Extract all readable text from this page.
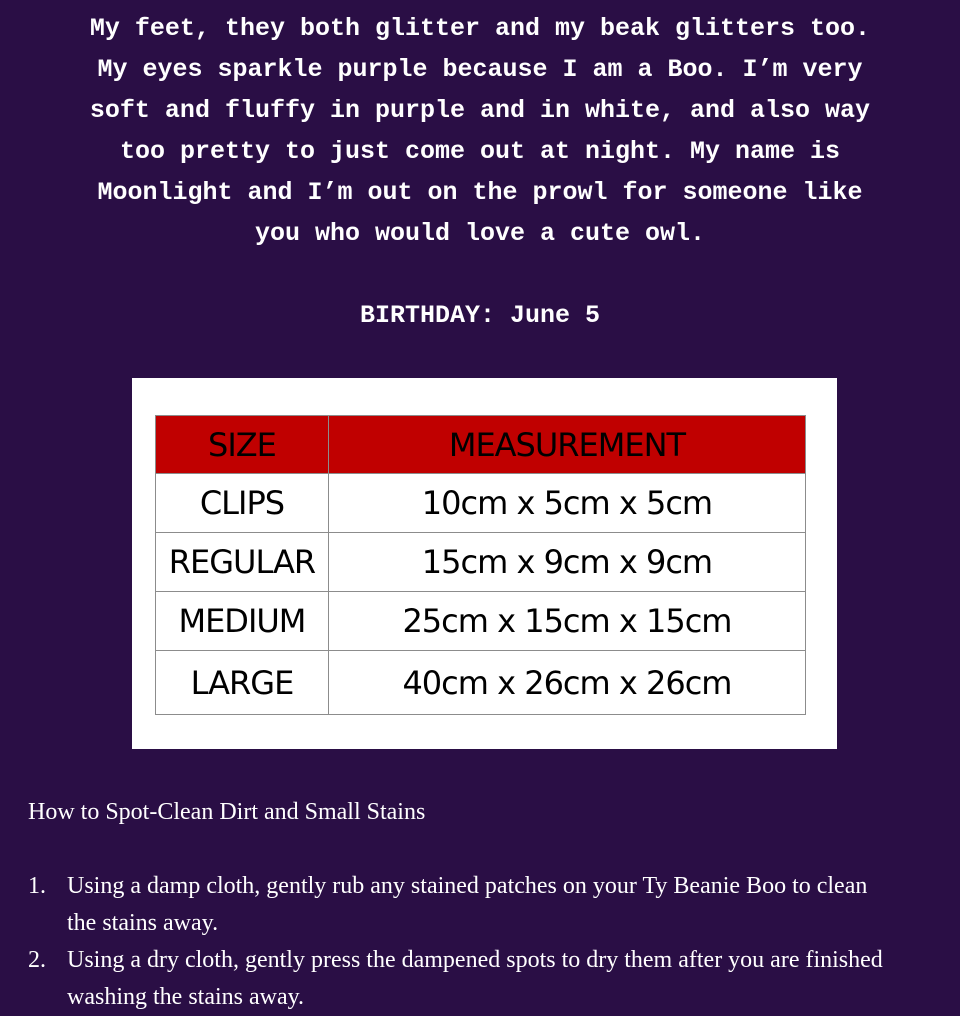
My feet, they both glitter and my beak glitters too.
My eyes sparkle purple because I am a Boo. I’m very
soft and fluffy in purple and in white, and also way
too pretty to just come out at night. My name is
Moonlight and I’m out on the prowl for someone like
you who would love a cute owl.
BIRTHDAY: June 5
SIZE	MEASUREMENT
CLIPS	10cm x 5cm x 5cm
REGULAR	15cm x 9cm x 9cm
MEDIUM	25cm x 15cm x 15cm
LARGE	40cm x 26cm x 26cm
How to Spot-Clean Dirt and Small Stains
1. Using a damp cloth, gently rub any stained patches on your Ty Beanie Boo to clean the stains away.
2. Using a dry cloth, gently press the dampened spots to dry them after you are finished washing the stains away.
